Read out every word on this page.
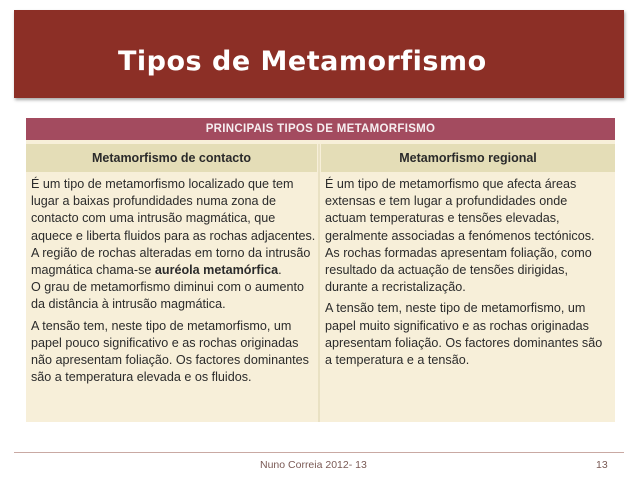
Tipos de Metamorfismo
PRINCIPAIS TIPOS DE METAMORFISMO
Metamorfismo de contacto	Metamorfismo regional
É um tipo de metamorfismo localizado que tem
lugar a baixas profundidades numa zona de
contacto com uma intrusão magmática, que
aquece e liberta fluidos para as rochas adjacentes.
A região de rochas alteradas em torno da intrusão
magmática chama-se auréola metamórfica.
O grau de metamorfismo diminui com o aumento
da distância à intrusão magmática.
A tensão tem, neste tipo de metamorfismo, um
papel pouco significativo e as rochas originadas
não apresentam foliação. Os factores dominantes
são a temperatura elevada e os fluidos.
É um tipo de metamorfismo que afecta áreas
extensas e tem lugar a profundidades onde
actuam temperaturas e tensões elevadas,
geralmente associadas a fenómenos tectónicos.
As rochas formadas apresentam foliação, como
resultado da actuação de tensões dirigidas,
durante a recristalização.
A tensão tem, neste tipo de metamorfismo, um
papel muito significativo e as rochas originadas
apresentam foliação. Os factores dominantes são
a temperatura e a tensão.
Nuno Correia 2012- 13	13
